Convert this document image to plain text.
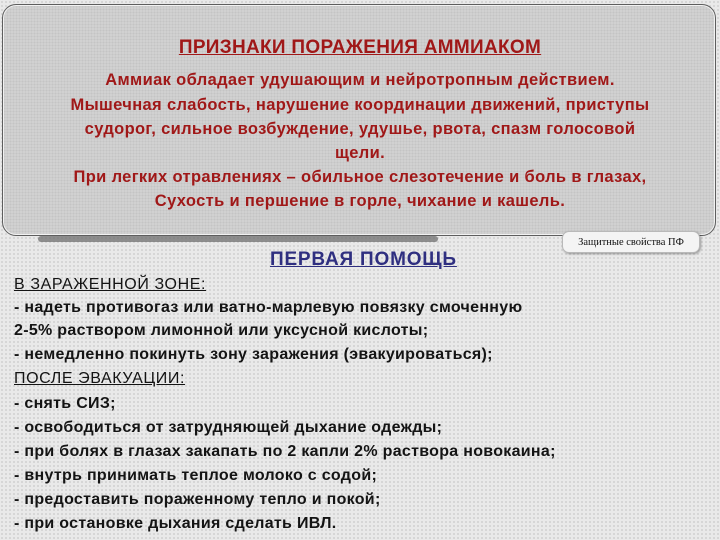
ПРИЗНАКИ ПОРАЖЕНИЯ АММИАКОМ
Аммиак обладает удушающим и нейротропным действием.
Мышечная слабость, нарушение координации движений, приступы
судорог, сильное возбуждение, удушье, рвота, спазм голосовой
щели.
При легких отравлениях – обильное слезотечение и боль в глазах,
Сухость и першение в горле, чихание и кашель.
ПЕРВАЯ ПОМОЩЬ
Защитные свойства ПФ
В ЗАРАЖЕННОЙ ЗОНЕ:
- надеть противогаз или ватно-марлевую повязку смоченную
2-5% раствором лимонной или уксусной кислоты;
- немедленно покинуть зону заражения (эвакуироваться);
ПОСЛЕ ЭВАКУАЦИИ:
- снять СИЗ;
- освободиться от затрудняющей дыхание одежды;
- при болях в глазах закапать по 2 капли 2% раствора новокаина;
- внутрь принимать теплое молоко с содой;
- предоставить пораженному тепло и покой;
- при остановке дыхания сделать ИВЛ.
